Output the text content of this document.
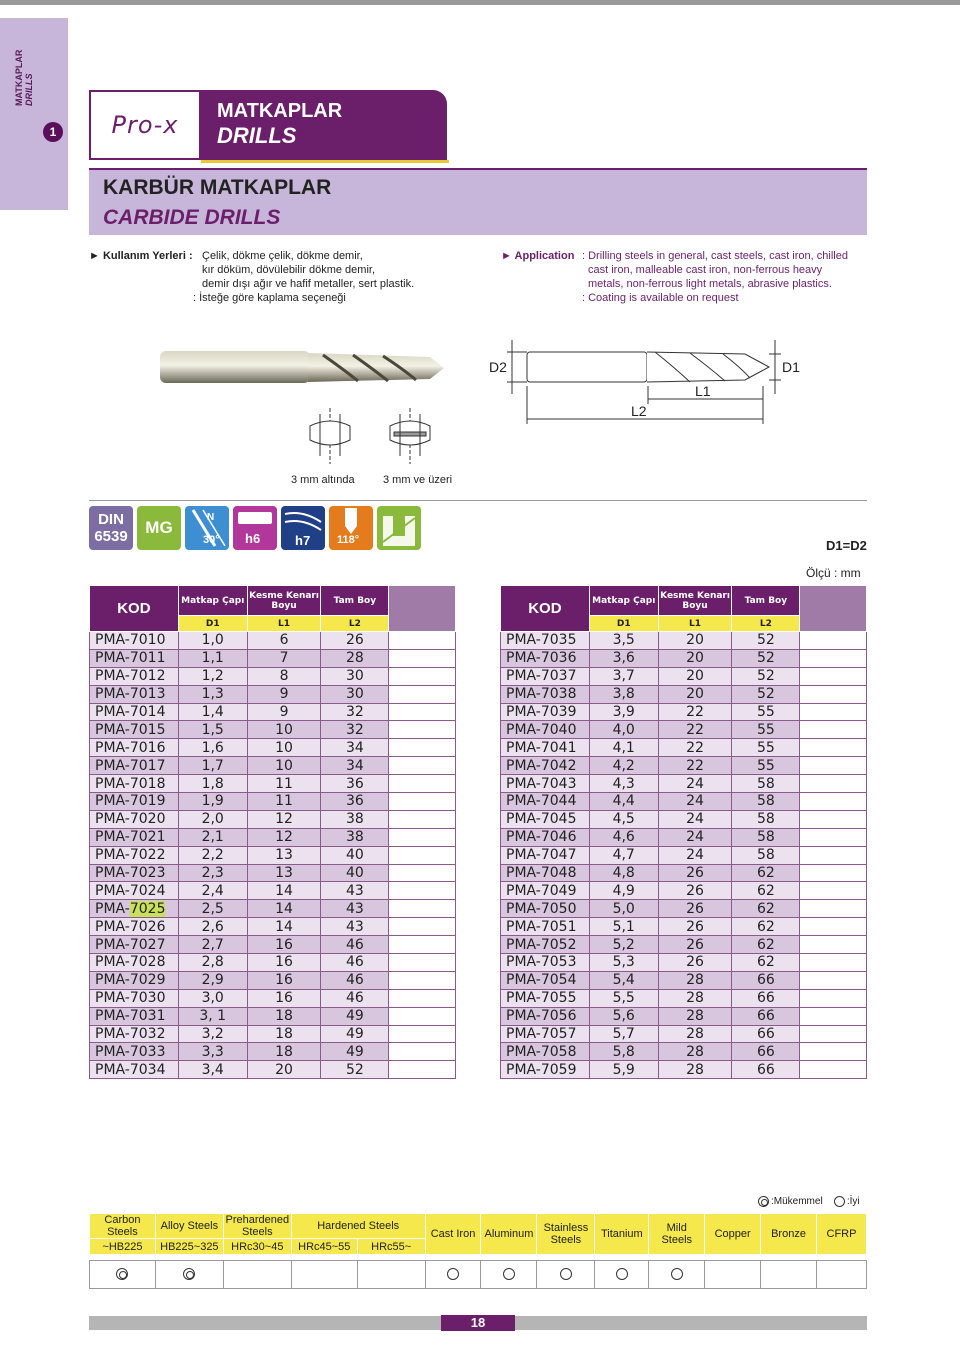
MATKAPLAR DRILLS
1	Pro-x	MATKAPLAR
DRILLS
KARBÜR MATKAPLAR
CARBIDE DRILLS
► Kullanım Yerleri : Çelik, dökme çelik, dökme demir,
kır döküm, dövülebilir dökme demir,
demir dışı ağır ve hafif metaller, sert plastik.
: İsteğe göre kaplama seçeneği
► Application : Drilling steels in general, cast steels, cast iron, chilled
cast iron, malleable cast iron, non-ferrous heavy
metals, non-ferrous light metals, abrasive plastics.
: Coating is available on request
D2	D1
L1
L2
3 mm altında	3 mm ve üzeri
DIN
6539	MG
N
30° h6	h7 118°	D1=D2
Ölçü : mm
KOD	Matkap Çapı	Kesme Kenarı Boyu	Tam Boy	
	D1	L1	L2	
PMA-7010	1,0	6	26	
PMA-7011	1,1	7	28	
PMA-7012	1,2	8	30	
PMA-7013	1,3	9	30	
PMA-7014	1,4	9	32	
PMA-7015	1,5	10	32	
PMA-7016	1,6	10	34	
PMA-7017	1,7	10	34	
PMA-7018	1,8	11	36	
PMA-7019	1,9	11	36	
PMA-7020	2,0	12	38	
PMA-7021	2,1	12	38	
PMA-7022	2,2	13	40	
PMA-7023	2,3	13	40	
PMA-7024	2,4	14	43	
PMA-7025	2,5	14	43	
PMA-7026	2,6	14	43	
PMA-7027	2,7	16	46	
PMA-7028	2,8	16	46	
PMA-7029	2,9	16	46	
PMA-7030	3,0	16	46	
PMA-7031	3, 1	18	49	
PMA-7032	3,2	18	49	
PMA-7033	3,3	18	49	
PMA-7034	3,4	20	52	
KOD	Matkap Çapı	Kesme Kenarı Boyu	Tam Boy	
	D1	L1	L2	
PMA-7035	3,5	20	52	
PMA-7036	3,6	20	52	
PMA-7037	3,7	20	52	
PMA-7038	3,8	20	52	
PMA-7039	3,9	22	55	
PMA-7040	4,0	22	55	
PMA-7041	4,1	22	55	
PMA-7042	4,2	22	55	
PMA-7043	4,3	24	58	
PMA-7044	4,4	24	58	
PMA-7045	4,5	24	58	
PMA-7046	4,6	24	58	
PMA-7047	4,7	24	58	
PMA-7048	4,8	26	62	
PMA-7049	4,9	26	62	
PMA-7050	5,0	26	62	
PMA-7051	5,1	26	62	
PMA-7052	5,2	26	62	
PMA-7053	5,3	26	62	
PMA-7054	5,4	28	66	
PMA-7055	5,5	28	66	
PMA-7056	5,6	28	66	
PMA-7057	5,7	28	66	
PMA-7058	5,8	28	66	
PMA-7059	5,9	28	66	
:Mükemmel :İyi
Carbon Steels	Alloy Steels	Prehardened Steels	Hardened Steels		Cast Iron	Aluminum	Stainless Steels	Titanium	Mild Steels	Copper	Bronze	CFRP
~HB225	HB225~325	HRc30~45	HRc45~55	HRc55~								

18
